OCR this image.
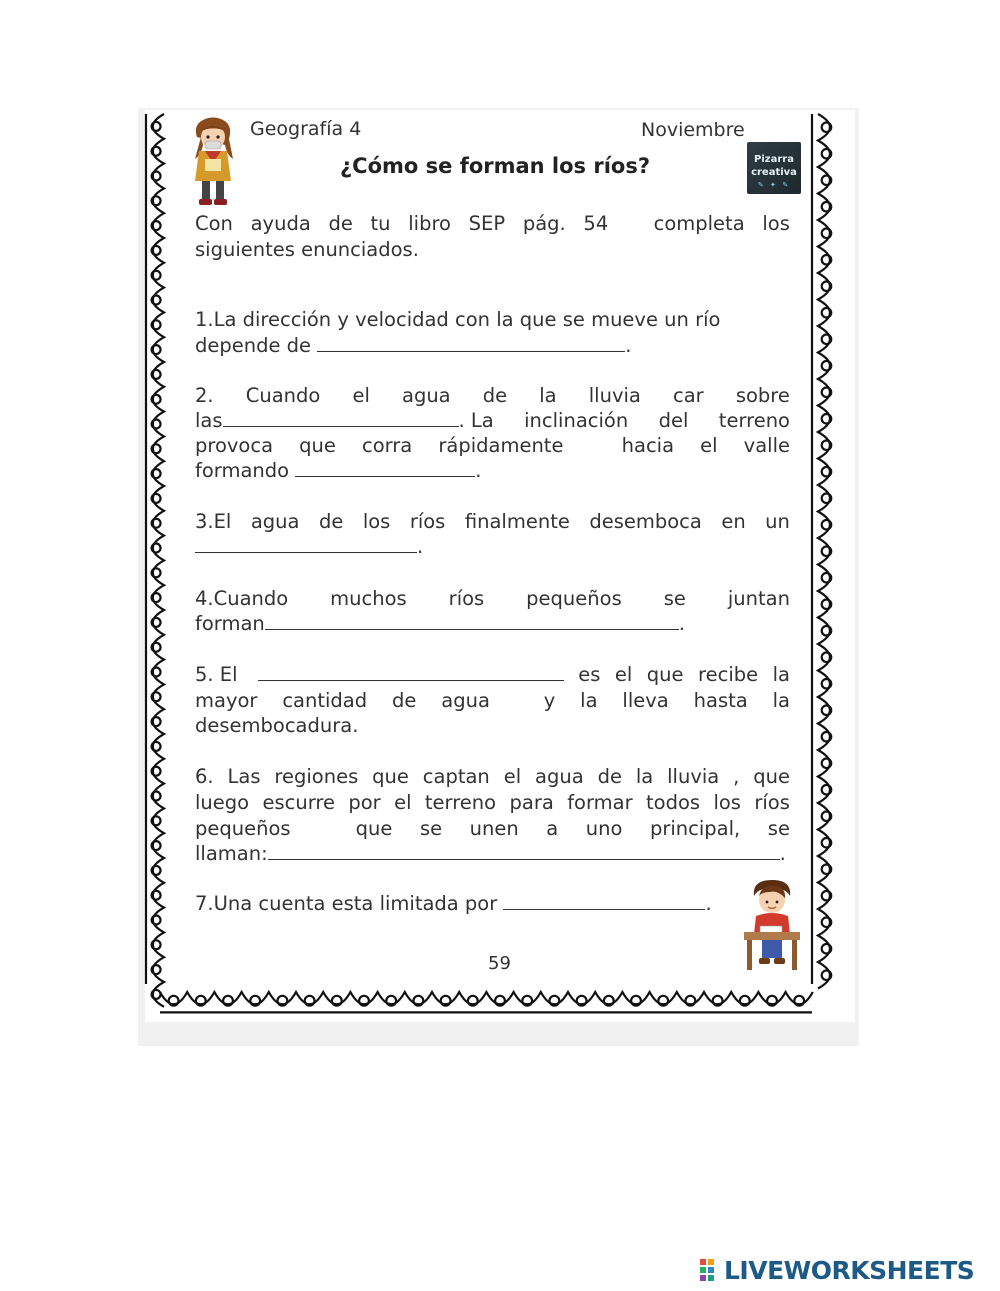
Geografía 4	Noviembre
¿Cómo se forman los ríos?	Pizarra
creativa
✎ ✦ ✎
Con ayuda de tu libro SEP pág. 54 completa los
siguientes enunciados.
1.La dirección y velocidad con la que se mueve un río
depende de	.
2. Cuando el agua de la lluvia car sobre
las	. La inclinación del terreno
provoca que corra rápidamente	hacia el valle
formando	.
3.El agua de los ríos finalmente desemboca en un
.
4.Cuando muchos ríos pequeños se juntan
forman	.
5. El	es el que recibe la
mayor cantidad de agua	y la lleva hasta la
desembocadura.
6. Las regiones que captan el agua de la lluvia , que
luego escurre por el terreno para formar todos los ríos
pequeños	que se unen a uno principal, se
llaman:	.
7.Una cuenta esta limitada por	.
59
LIVEWORKSHEETS
